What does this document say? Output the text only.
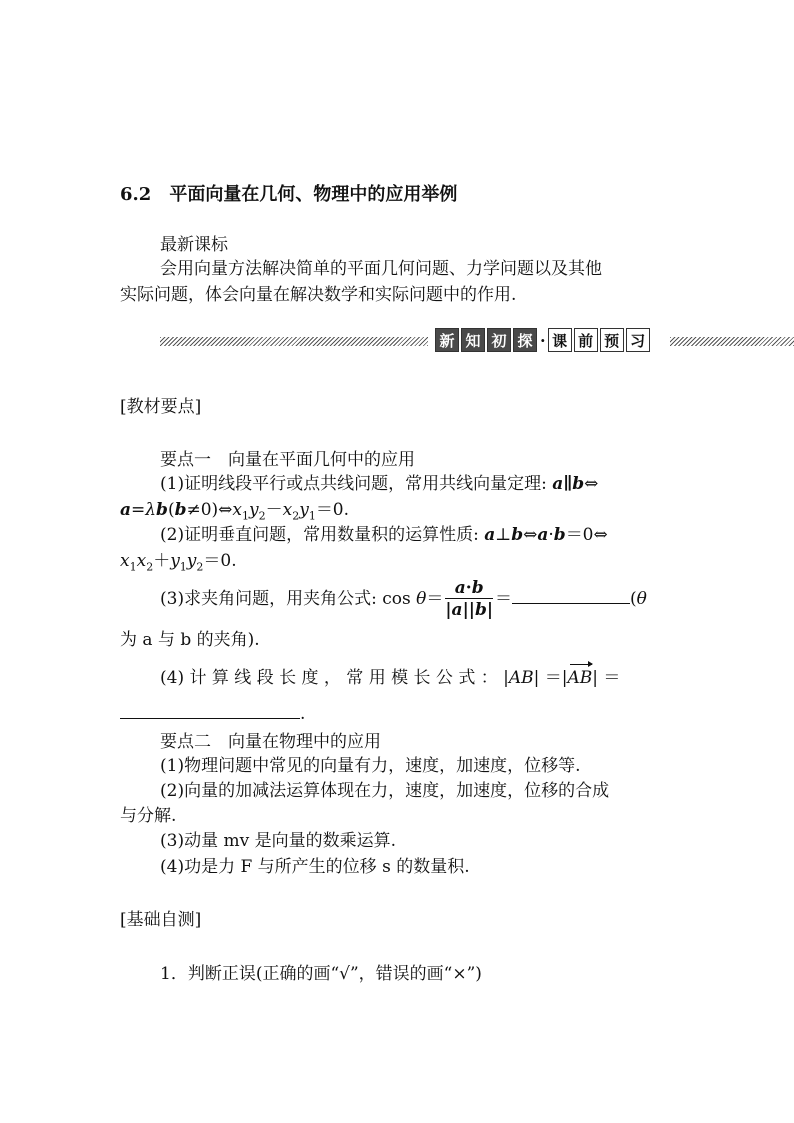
6.2　平面向量在几何、物理中的应用举例
最新课标
会用向量方法解决简单的平面几何问题、力学问题以及其他
实际问题，体会向量在解决数学和实际问题中的作用.
新 知 初 探 · 课 前 预 习
[教材要点]
要点一　向量在平面几何中的应用
(1)证明线段平行或点共线问题，常用共线向量定理: a∥b⇔
$a=\lambda b(b\ne 0)\Leftrightarrow x_1y_2-x_2y_1=0$.
(2)证明垂直问题，常用数量积的运算性质: a⊥b⇔a·b＝0⇔
$x_1x_2+y_1y_2=0$.
(3)求夹角问题，用夹角公式: $\cos \theta= \frac{a\cdot b}{|a||b|}$ ＝	(θ
为 a 与 b 的夹角).
(4) 计 算 线 段 长 度 ， 常 用 模 长 公 式 ： |AB| ＝|AB| ＝
.
要点二　向量在物理中的应用
(1)物理问题中常见的向量有力，速度，加速度，位移等.
(2)向量的加减法运算体现在力，速度，加速度，位移的合成
与分解.
(3)动量 mv 是向量的数乘运算.
(4)功是力 F 与所产生的位移 s 的数量积.
[基础自测]
1．判断正误(正确的画“√”，错误的画“×”)
